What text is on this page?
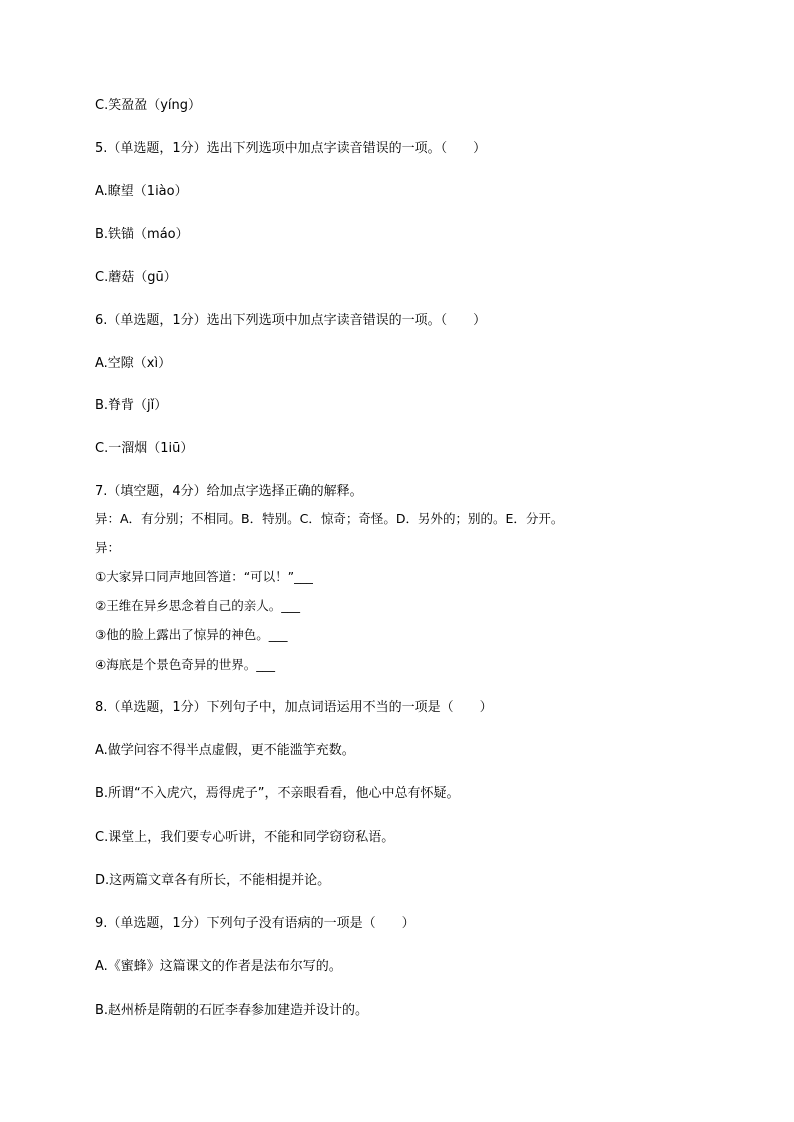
C.笑盈盈（yíng）

5.（单选题，1分）选出下列选项中加点字读音错误的一项。（　　）

A.瞭望（1iào）

B.铁锚（máo）

C.蘑菇（gū）

6.（单选题，1分）选出下列选项中加点字读音错误的一项。（　　）

A.空隙（xì）

B.脊背（jǐ）

C.一溜烟（1iū）

7.（填空题，4分）给加点字选择正确的解释。

异：A．有分别；不相同。B．特别。C．惊奇；奇怪。D．另外的；别的。E．分开。

异：

①大家异口同声地回答道：“可以！”___

②王维在异乡思念着自己的亲人。___

③他的脸上露出了惊异的神色。___

④海底是个景色奇异的世界。___

8.（单选题，1分）下列句子中，加点词语运用不当的一项是（　　）

A.做学问容不得半点虚假，更不能滥竽充数。

B.所谓“不入虎穴，焉得虎子”，不亲眼看看，他心中总有怀疑。

C.课堂上，我们要专心听讲，不能和同学窃窃私语。

D.这两篇文章各有所长，不能相提并论。

9.（单选题，1分）下列句子没有语病的一项是（　　）

A.《蜜蜂》这篇课文的作者是法布尔写的。

B.赵州桥是隋朝的石匠李春参加建造并设计的。
